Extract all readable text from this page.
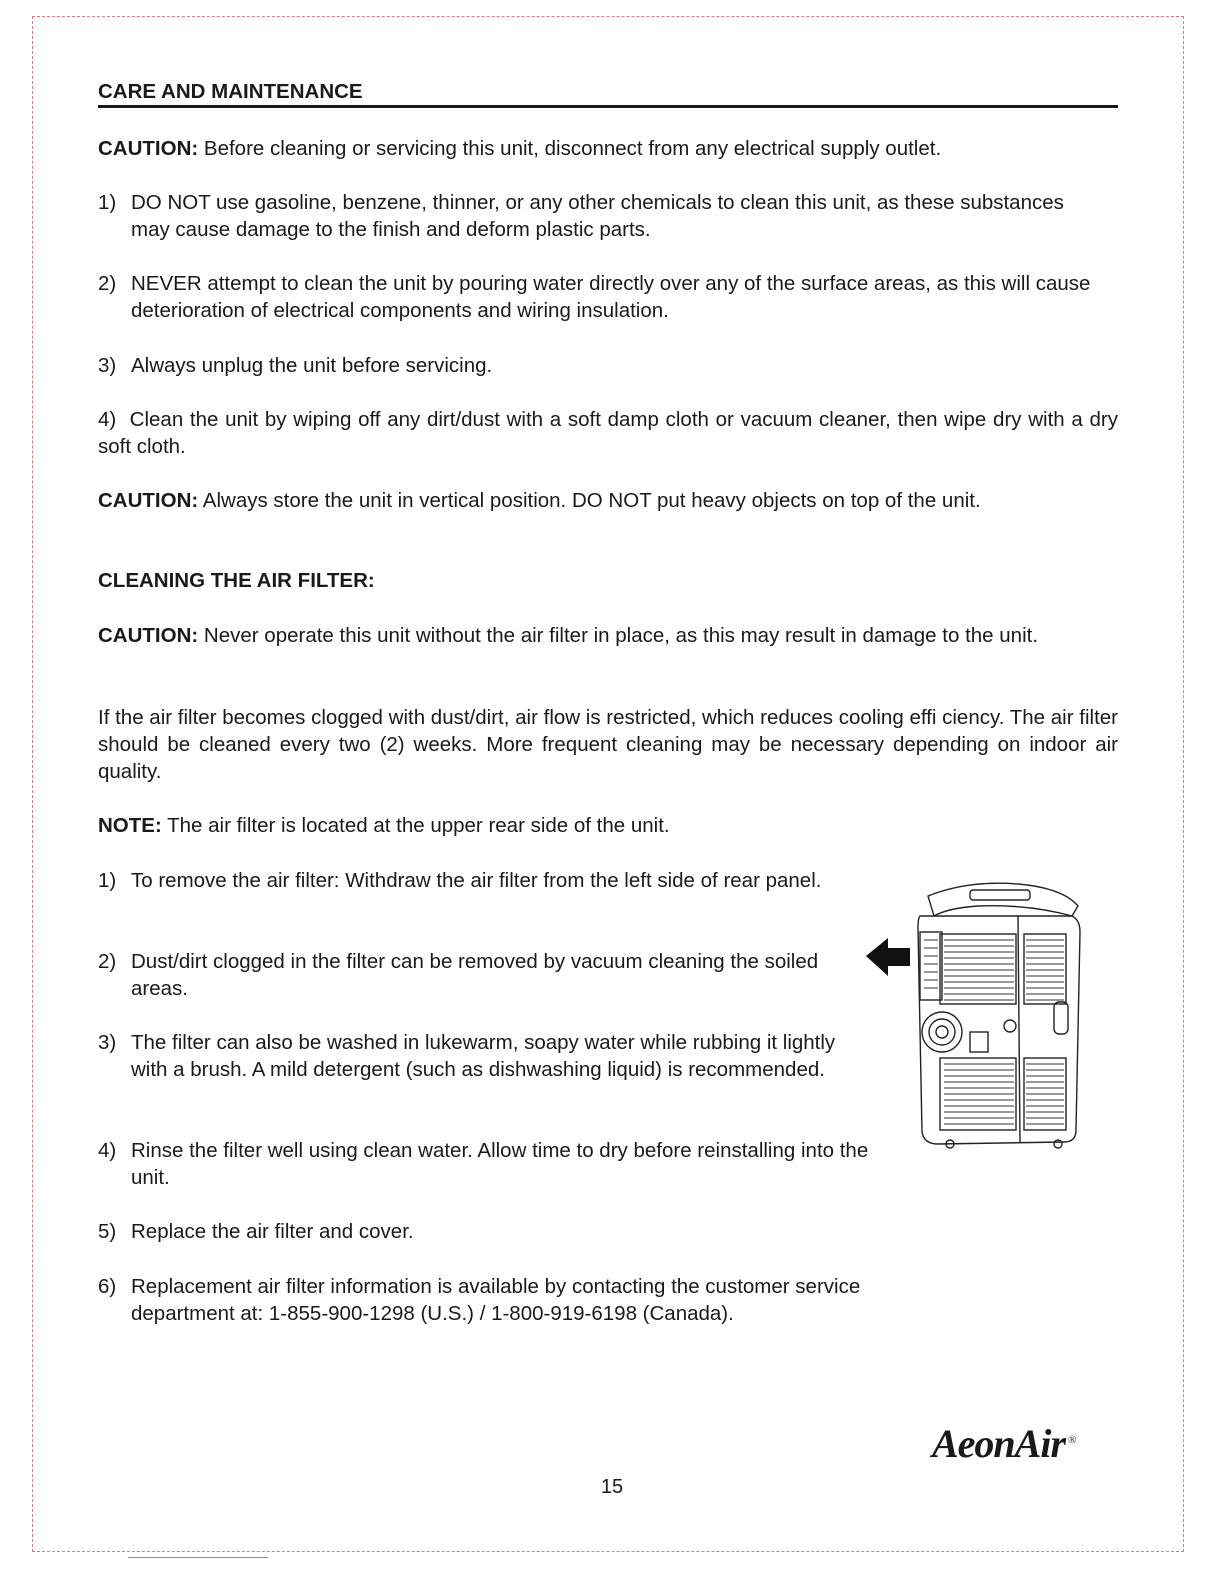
CARE AND MAINTENANCE

CAUTION: Before cleaning or servicing this unit, disconnect from any electrical supply outlet.

1) DO NOT use gasoline, benzene, thinner, or any other chemicals to clean this unit, as these substances may cause damage to the finish and deform plastic parts.
2) NEVER attempt to clean the unit by pouring water directly over any of the surface areas, as this will cause deterioration of electrical components and wiring insulation.
3) Always unplug the unit before servicing.

4) Clean the unit by wiping off any dirt/dust with a soft damp cloth or vacuum cleaner, then wipe dry with a dry soft cloth.

CAUTION: Always store the unit in vertical position. DO NOT put heavy objects on top of the unit.

CLEANING THE AIR FILTER:

CAUTION: Never operate this unit without the air filter in place, as this may result in damage to the unit.

If the air filter becomes clogged with dust/dirt, air flow is restricted, which reduces cooling effi ciency. The air filter should be cleaned every two (2) weeks. More frequent cleaning may be necessary depending on indoor air quality.

NOTE: The air filter is located at the upper rear side of the unit.

1) To remove the air filter: Withdraw the air filter from the left side of rear panel.
2) Dust/dirt clogged in the filter can be removed by vacuum cleaning the soiled areas.
3) The filter can also be washed in lukewarm, soapy water while rubbing it lightly with a brush. A mild detergent (such as dishwashing liquid) is recommended.
4) Rinse the filter well using clean water. Allow time to dry before reinstalling into the unit.
5) Replace the air filter and cover.
6) Replacement air filter information is available by contacting the customer service department at: 1-855-900-1298 (U.S.) / 1-800-919-6198 (Canada).
AeonAir ®
15
